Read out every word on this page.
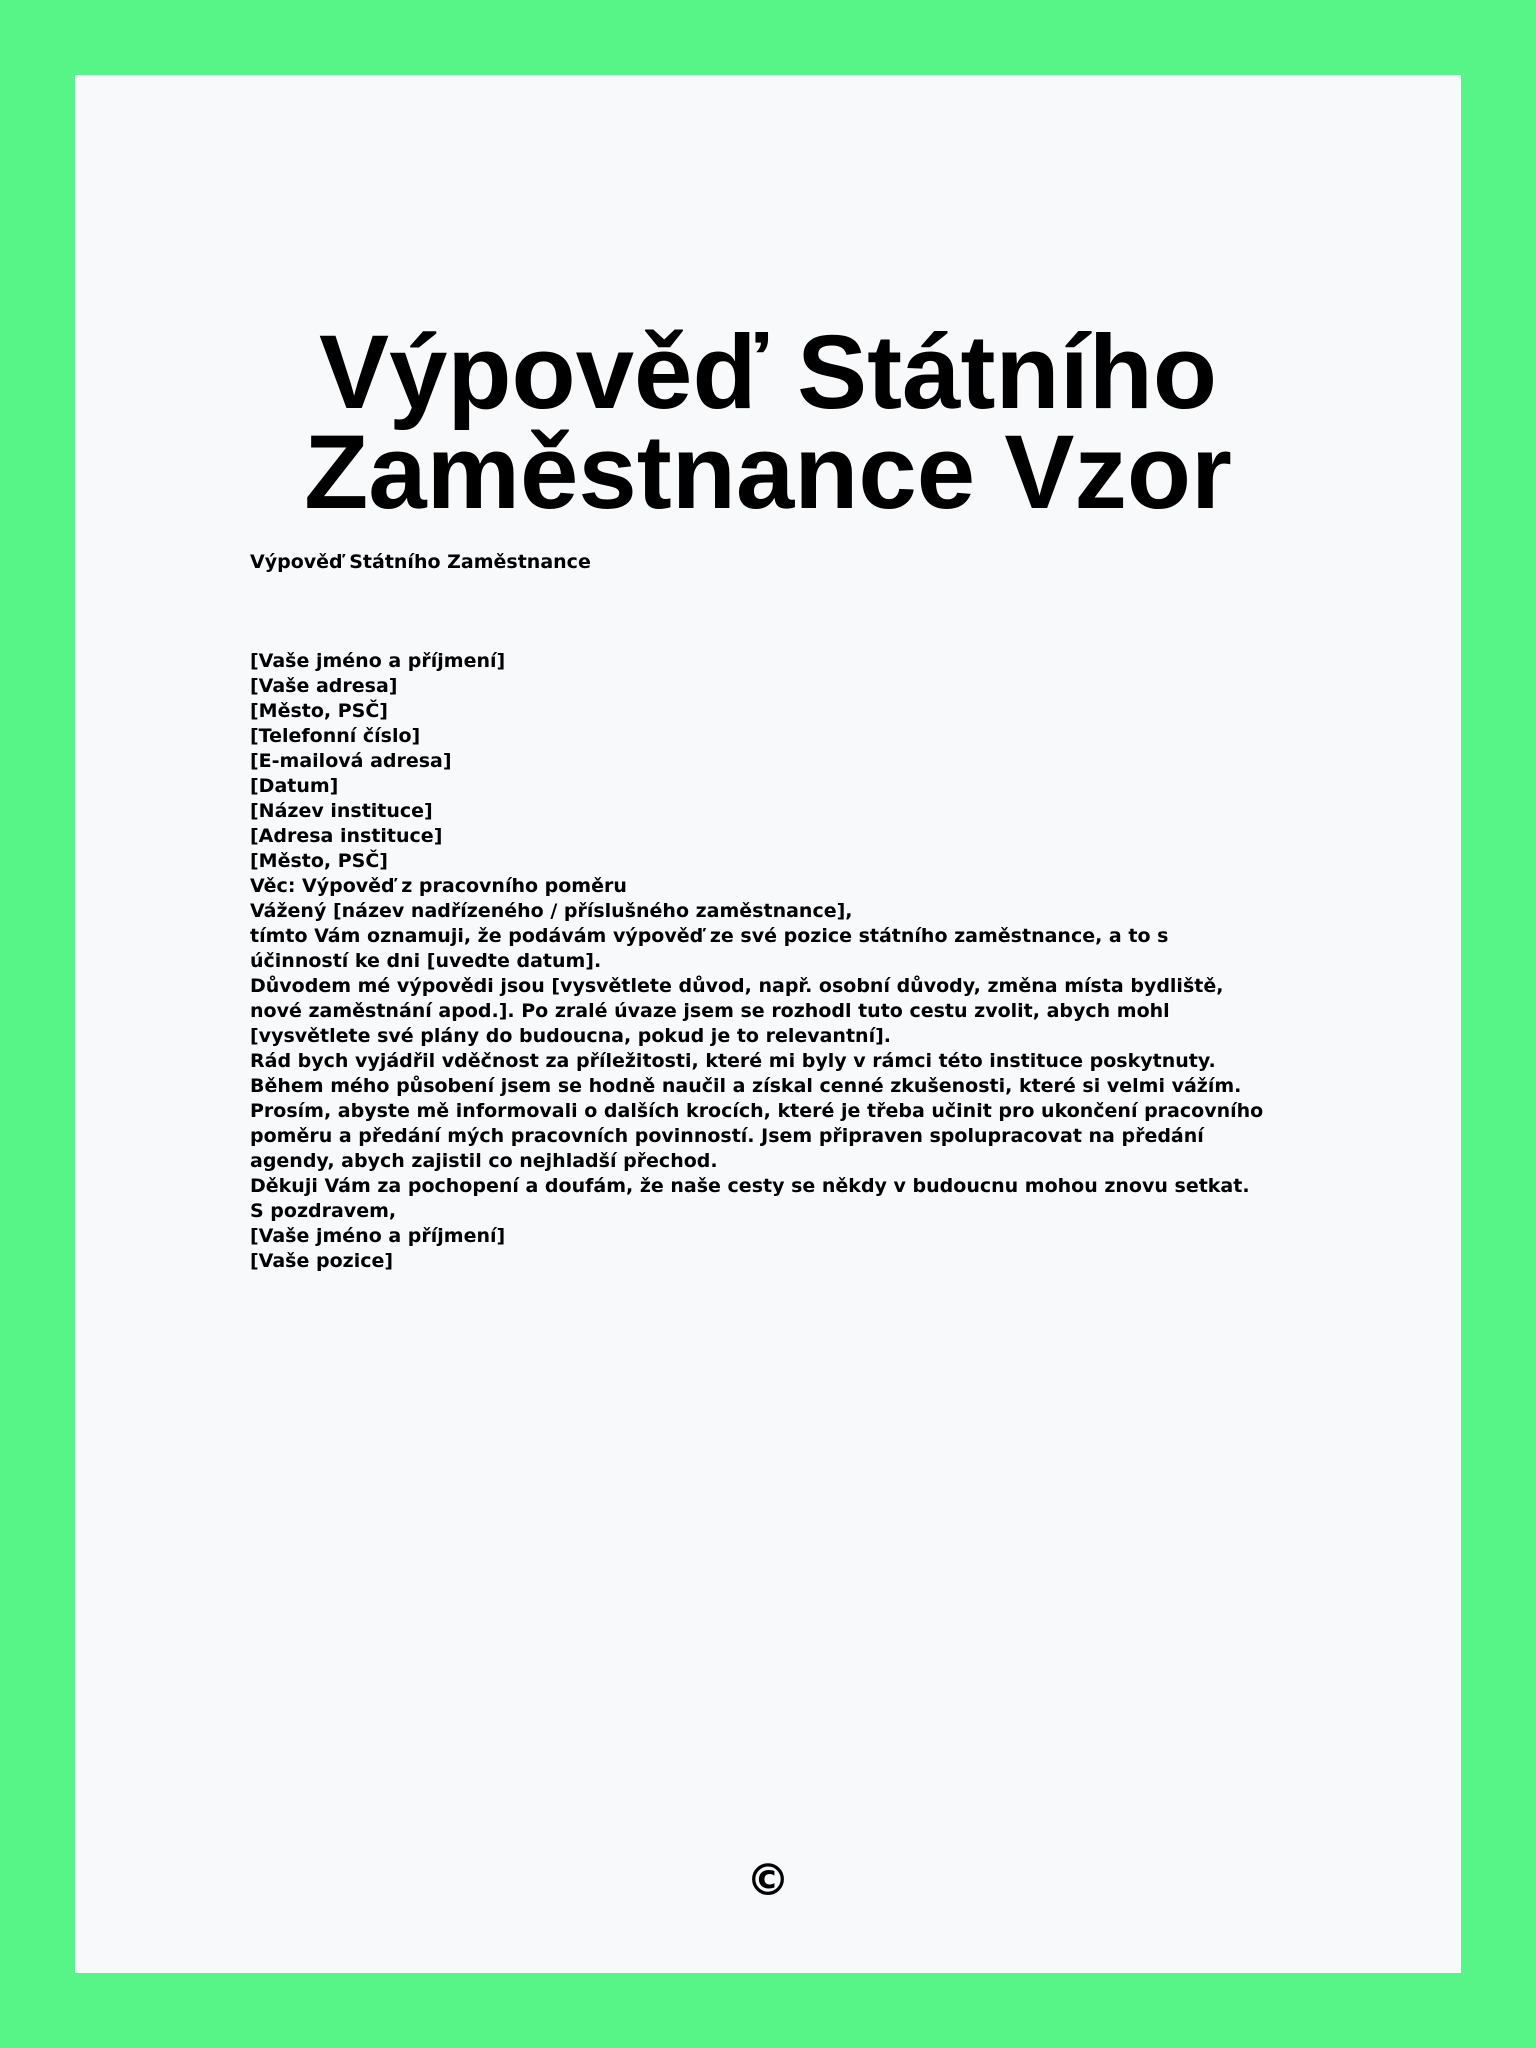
Výpověď Státního Zaměstnance Vzor

Výpověď Státního Zaměstnance

[Vaše jméno a příjmení]
[Vaše adresa]
[Město, PSČ]
[Telefonní číslo]
[E-mailová adresa]
[Datum]
[Název instituce]
[Adresa instituce]
[Město, PSČ]
Věc: Výpověď z pracovního poměru
Vážený [název nadřízeného / příslušného zaměstnance],
tímto Vám oznamuji, že podávám výpověď ze své pozice státního zaměstnance, a to s účinností ke dni [uvedte datum].
Důvodem mé výpovědi jsou [vysvětlete důvod, např. osobní důvody, změna místa bydliště, nové zaměstnání apod.]. Po zralé úvaze jsem se rozhodl tuto cestu zvolit, abych mohl [vysvětlete své plány do budoucna, pokud je to relevantní].
Rád bych vyjádřil vděčnost za příležitosti, které mi byly v rámci této instituce poskytnuty. Během mého působení jsem se hodně naučil a získal cenné zkušenosti, které si velmi vážím.
Prosím, abyste mě informovali o dalších krocích, které je třeba učinit pro ukončení pracovního poměru a předání mých pracovních povinností. Jsem připraven spolupracovat na předání agendy, abych zajistil co nejhladší přechod.
Děkuji Vám za pochopení a doufám, že naše cesty se někdy v budoucnu mohou znovu setkat.
S pozdravem,
[Vaše jméno a příjmení]
[Vaše pozice]
©
